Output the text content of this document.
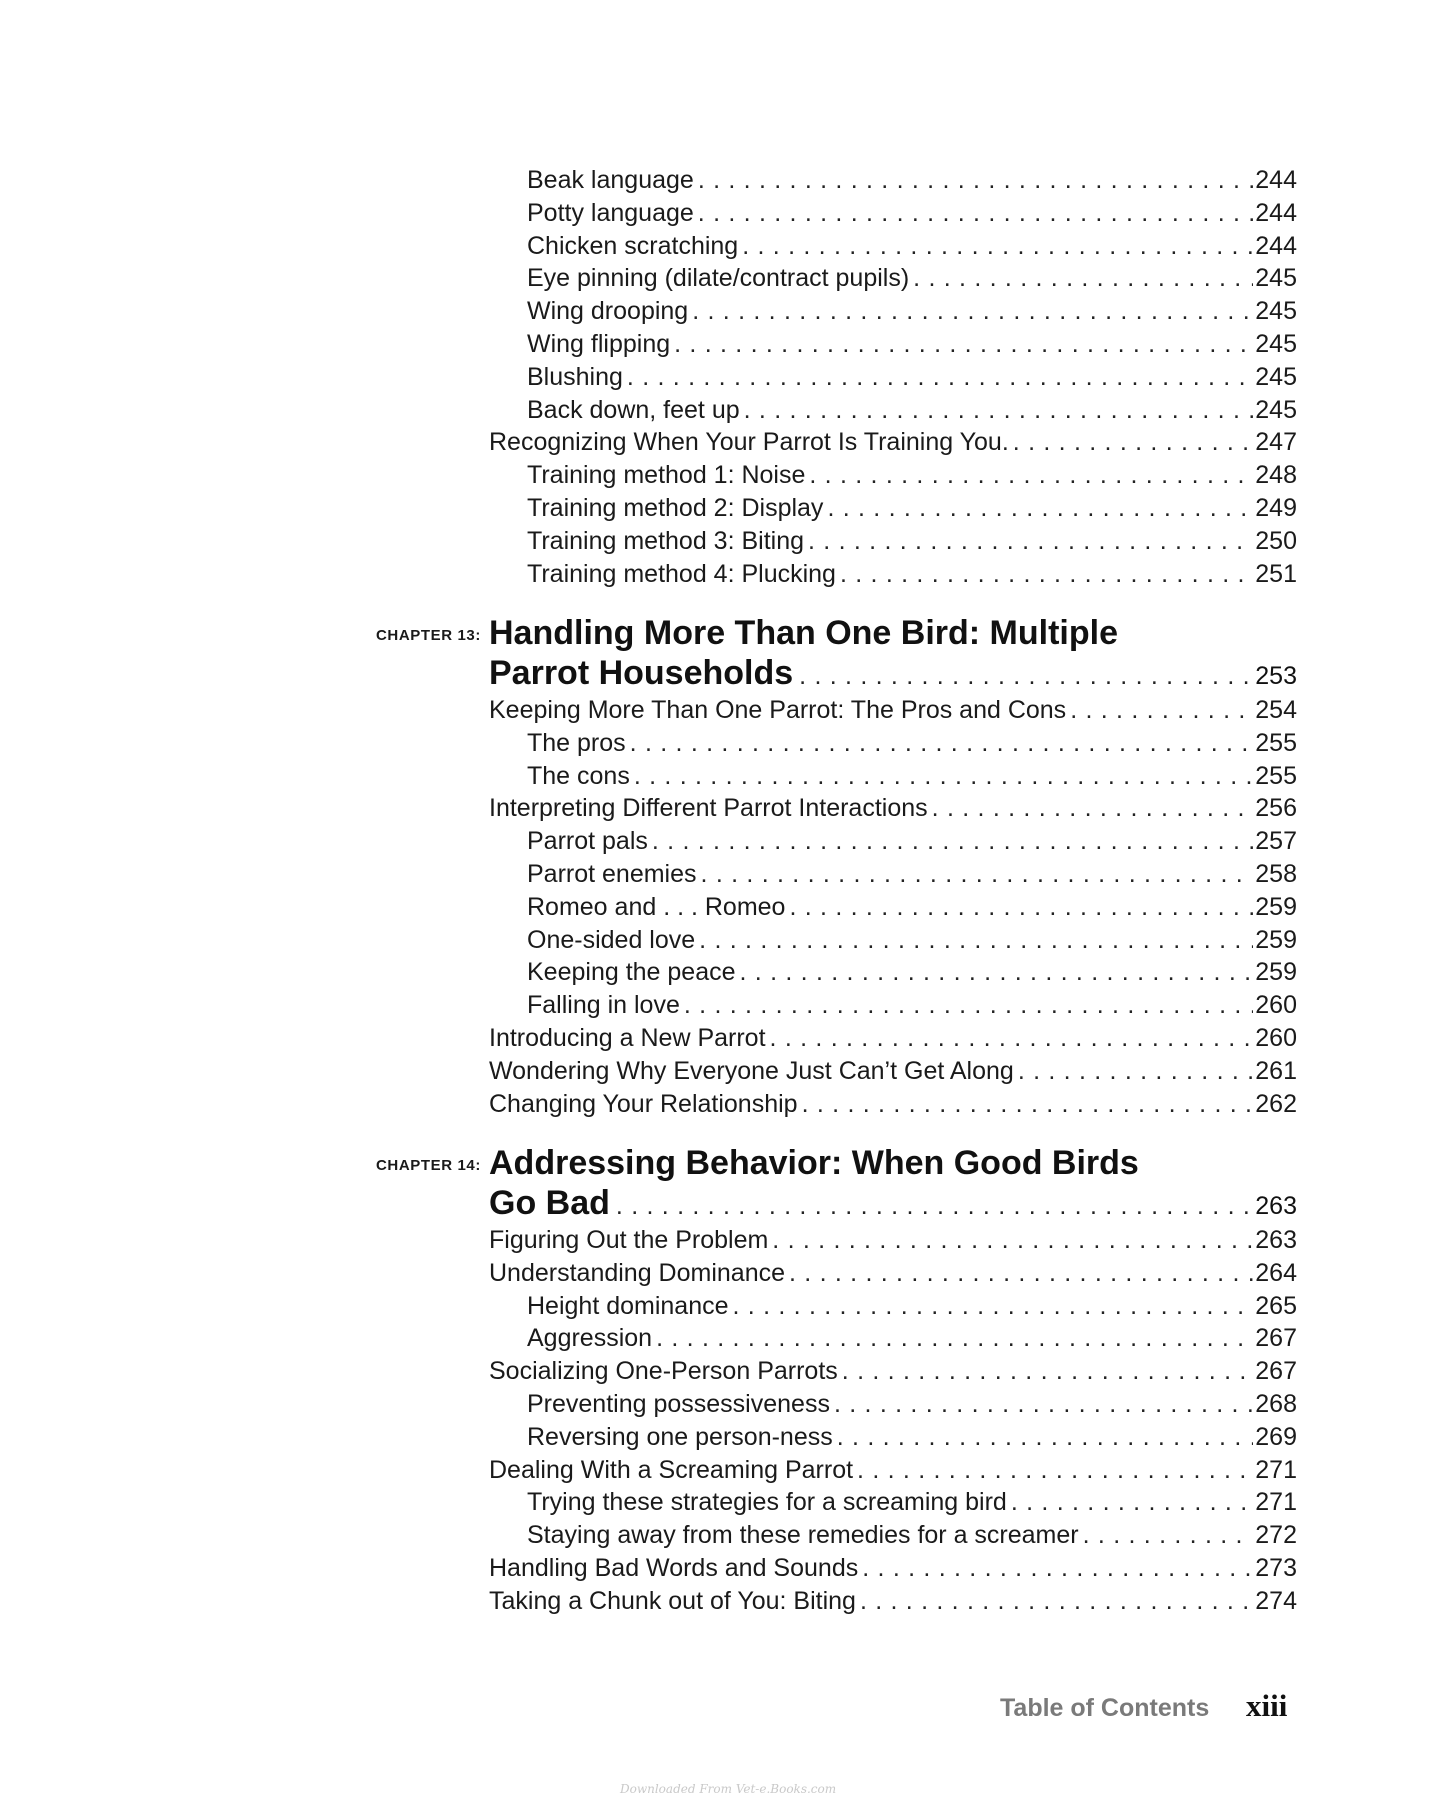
Beak language . . .	244
Potty language . . .	244
Chicken scratching . . .	244
Eye pinning (dilate/contract pupils) . . .	245
Wing drooping . . .	245
Wing flipping . . .	245
Blushing . . .	245
Back down, feet up . . .	245
Recognizing When Your Parrot Is Training You. . . .	247
Training method 1: Noise . . .	248
Training method 2: Display . . .	249
Training method 3: Biting . . .	250
Training method 4: Plucking . . .	251
CHAPTER 13: Handling More Than One Bird: Multiple
Parrot Households . . .	253
Keeping More Than One Parrot: The Pros and Cons . . .	254
The pros . . .	255
The cons . . .	255
Interpreting Different Parrot Interactions . . .	256
Parrot pals . . .	257
Parrot enemies . . .	258
Romeo and . . . Romeo . . .	259
One-sided love . . .	259
Keeping the peace . . .	259
Falling in love . . .	260
Introducing a New Parrot . . .	260
Wondering Why Everyone Just Can’t Get Along . . .	261
Changing Your Relationship . . .	262
CHAPTER 14: Addressing Behavior: When Good Birds
Go Bad . . .	263
Figuring Out the Problem . . .	263
Understanding Dominance . . .	264
Height dominance . . .	265
Aggression . . .	267
Socializing One-Person Parrots . . .	267
Preventing possessiveness . . .	268
Reversing one person-ness . . .	269
Dealing With a Screaming Parrot . . .	271
Trying these strategies for a screaming bird . . .	271
Staying away from these remedies for a screamer . . .	272
Handling Bad Words and Sounds . . .	273
Taking a Chunk out of You: Biting . . .	274
Table of Contents xiii
Downloaded From Vet-e.Books.com
